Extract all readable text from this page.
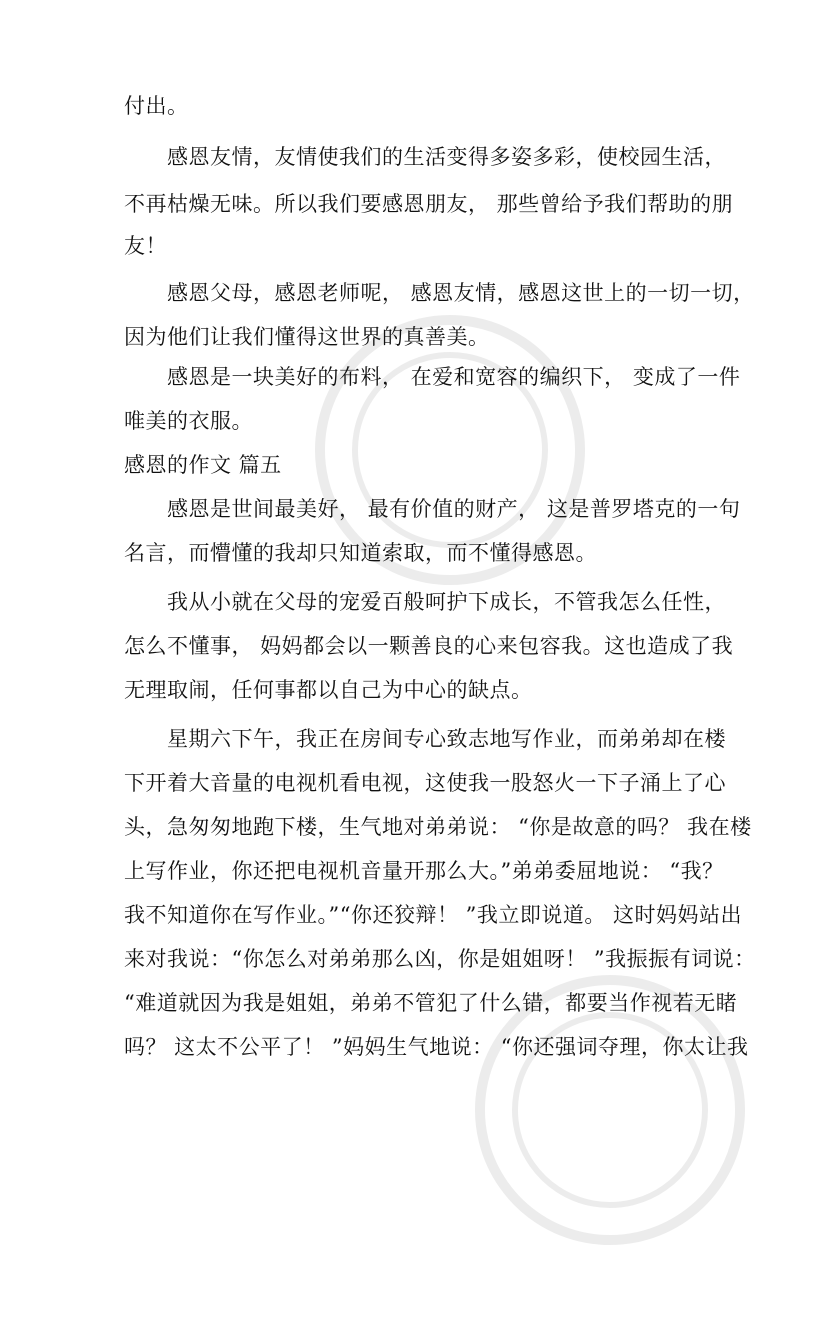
付出。
感恩友情，友情使我们的生活变得多姿多彩，使校园生活，
不再枯燥无味。所以我们要感恩朋友， 那些曾给予我们帮助的朋
友！
感恩父母，感恩老师呢， 感恩友情，感恩这世上的一切一切，
因为他们让我们懂得这世界的真善美。
感恩是一块美好的布料， 在爱和宽容的编织下， 变成了一件
唯美的衣服。
感恩的作文 篇五
感恩是世间最美好， 最有价值的财产， 这是普罗塔克的一句
名言，而懵懂的我却只知道索取，而不懂得感恩。
我从小就在父母的宠爱百般呵护下成长，不管我怎么任性，
怎么不懂事， 妈妈都会以一颗善良的心来包容我。这也造成了我
无理取闹，任何事都以自己为中心的缺点。
星期六下午，我正在房间专心致志地写作业，而弟弟却在楼
下开着大音量的电视机看电视，这使我一股怒火一下子涌上了心
头，急匆匆地跑下楼，生气地对弟弟说： “你是故意的吗？ 我在楼
上写作业，你还把电视机音量开那么大。”弟弟委屈地说： “我？
我不知道你在写作业。”“你还狡辩！ ”我立即说道。 这时妈妈站出
来对我说：“你怎么对弟弟那么凶，你是姐姐呀！ ”我振振有词说：
“难道就因为我是姐姐，弟弟不管犯了什么错，都要当作视若无睹
吗？ 这太不公平了！ ”妈妈生气地说： “你还强词夺理，你太让我
